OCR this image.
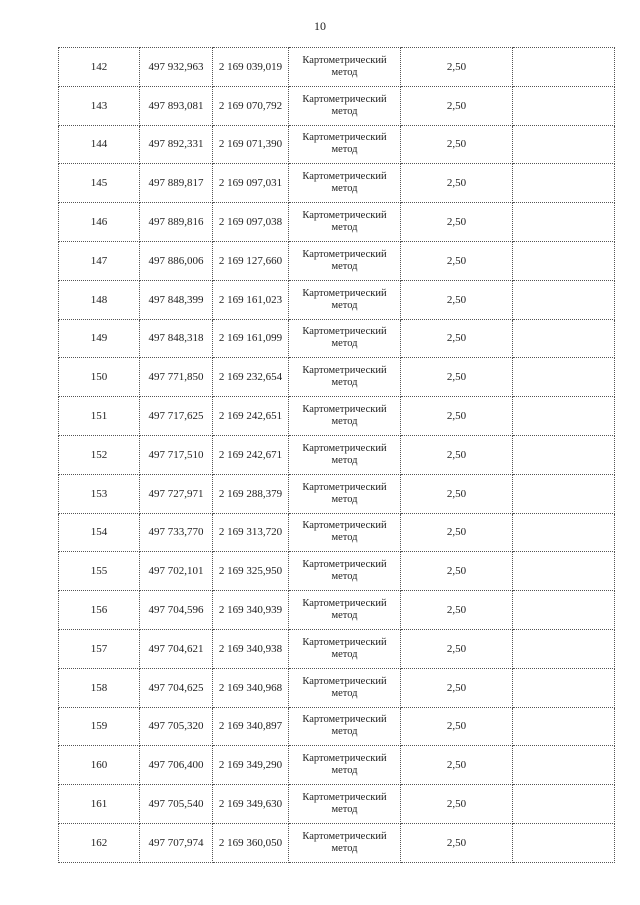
10
142	497 932,963	2 169 039,019	Картометрический метод	2,50	
143	497 893,081	2 169 070,792	Картометрический метод	2,50	
144	497 892,331	2 169 071,390	Картометрический метод	2,50	
145	497 889,817	2 169 097,031	Картометрический метод	2,50	
146	497 889,816	2 169 097,038	Картометрический метод	2,50	
147	497 886,006	2 169 127,660	Картометрический метод	2,50	
148	497 848,399	2 169 161,023	Картометрический метод	2,50	
149	497 848,318	2 169 161,099	Картометрический метод	2,50	
150	497 771,850	2 169 232,654	Картометрический метод	2,50	
151	497 717,625	2 169 242,651	Картометрический метод	2,50	
152	497 717,510	2 169 242,671	Картометрический метод	2,50	
153	497 727,971	2 169 288,379	Картометрический метод	2,50	
154	497 733,770	2 169 313,720	Картометрический метод	2,50	
155	497 702,101	2 169 325,950	Картометрический метод	2,50	
156	497 704,596	2 169 340,939	Картометрический метод	2,50	
157	497 704,621	2 169 340,938	Картометрический метод	2,50	
158	497 704,625	2 169 340,968	Картометрический метод	2,50	
159	497 705,320	2 169 340,897	Картометрический метод	2,50	
160	497 706,400	2 169 349,290	Картометрический метод	2,50	
161	497 705,540	2 169 349,630	Картометрический метод	2,50	
162	497 707,974	2 169 360,050	Картометрический метод	2,50	
